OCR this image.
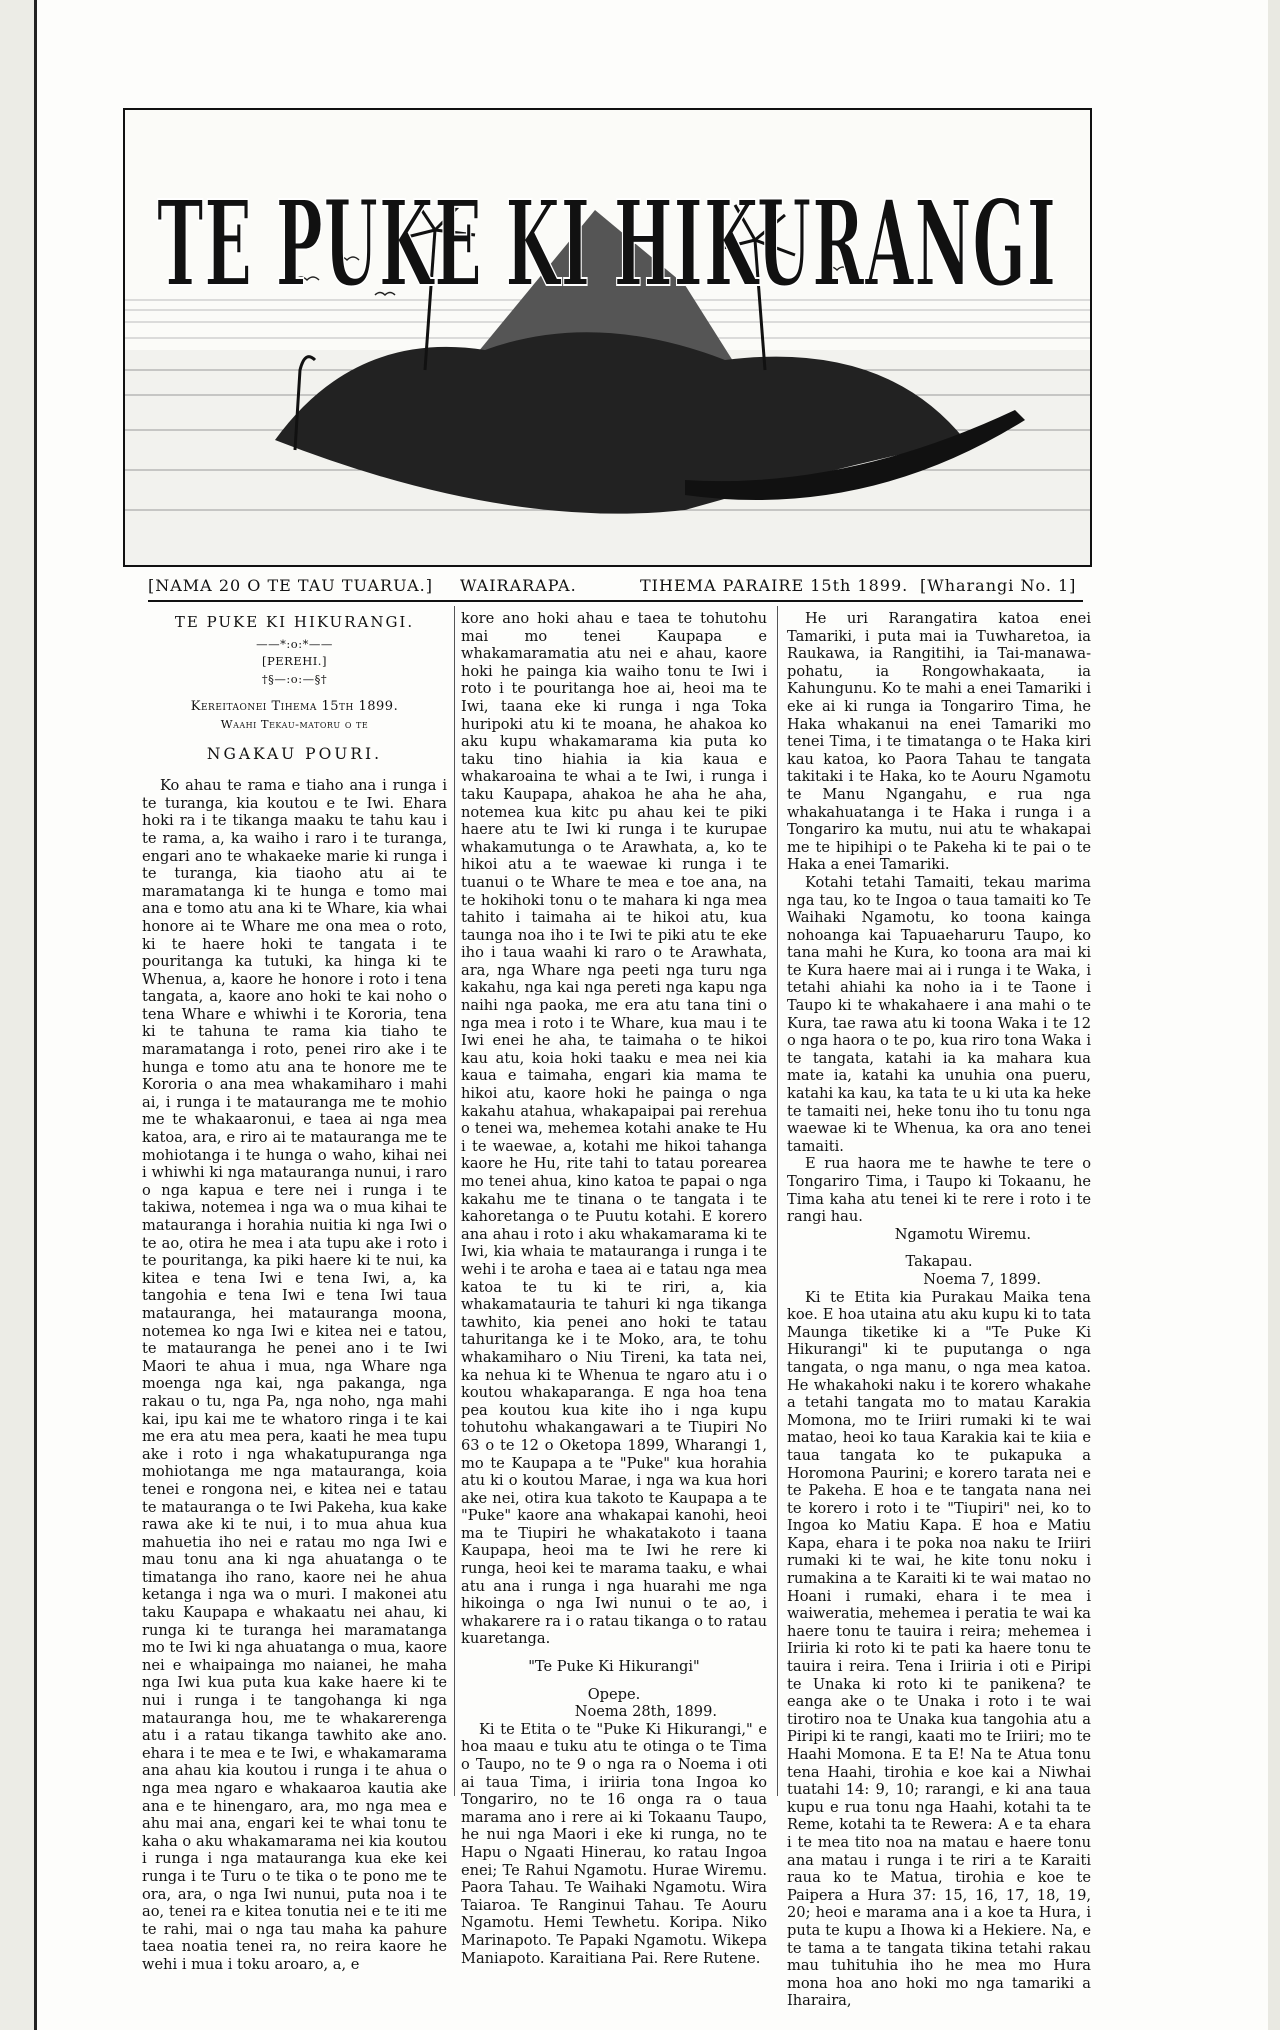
TE PUKE KI HIKURANGI
[NAMA 20 O TE TAU TUARUA.] WAIRARAPA.	TIHEMA PARAIRE 15th 1899. [Wharangi No. 1]
TE PUKE KI HIKURANGI.
——*:o:*——
[PEREHI.]
†§—:o:—§†
Kereitaonei Tihema 15th 1899.
Waahi Tekau-matoru o te
NGAKAU POURI.

Ko ahau te rama e tiaho ana i runga i te turanga, kia koutou e te Iwi. Ehara hoki ra i te tikanga maaku te tahu kau i te rama, a, ka waiho i raro i te turanga, engari ano te whakaeke marie ki runga i te turanga, kia tiaoho atu ai te maramatanga ki te hunga e tomo mai ana e tomo atu ana ki te Whare, kia whai honore ai te Whare me ona mea o roto, ki te haere hoki te tangata i te pouritanga ka tutuki, ka hinga ki te Whenua, a, kaore he honore i roto i tena tangata, a, kaore ano hoki te kai noho o tena Whare e whiwhi i te Kororia, tena ki te tahuna te rama kia tiaho te maramatanga i roto, penei riro ake i te hunga e tomo atu ana te honore me te Kororia o ana mea whakamiharo i mahi ai, i runga i te matauranga me te mohio me te whakaaronui, e taea ai nga mea katoa, ara, e riro ai te matauranga me te mohiotanga i te hunga o waho, kihai nei i whiwhi ki nga matauranga nunui, i raro o nga kapua e tere nei i runga i te takiwa, notemea i nga wa o mua kihai te matauranga i horahia nuitia ki nga Iwi o te ao, otira he mea i ata tupu ake i roto i te pouritanga, ka piki haere ki te nui, ka kitea e tena Iwi e tena Iwi, a, ka tangohia e tena Iwi e tena Iwi taua matauranga, hei matauranga moona, notemea ko nga Iwi e kitea nei e tatou, te matauranga he penei ano i te Iwi Maori te ahua i mua, nga Whare nga moenga nga kai, nga pakanga, nga rakau o tu, nga Pa, nga noho, nga mahi kai, ipu kai me te whatoro ringa i te kai me era atu mea pera, kaati he mea tupu ake i roto i nga whakatupuranga nga mohiotanga me nga matauranga, koia tenei e rongona nei, e kitea nei e tatau te matauranga o te Iwi Pakeha, kua kake rawa ake ki te nui, i to mua ahua kua mahuetia iho nei e ratau mo nga Iwi e mau tonu ana ki nga ahuatanga o te timatanga iho rano, kaore nei he ahua ketanga i nga wa o muri. I makonei atu taku Kaupapa e whakaatu nei ahau, ki runga ki te turanga hei maramatanga mo te Iwi ki nga ahuatanga o mua, kaore nei e whaipainga mo naianei, he maha nga Iwi kua puta kua kake haere ki te nui i runga i te tangohanga ki nga matauranga hou, me te whakarerenga atu i a ratau tikanga tawhito ake ano. ehara i te mea e te Iwi, e whakamarama ana ahau kia koutou i runga i te ahua o nga mea ngaro e whakaaroa kautia ake ana e te hinengaro, ara, mo nga mea e ahu mai ana, engari kei te whai tonu te kaha o aku whakamarama nei kia koutou i runga i nga matauranga kua eke kei runga i te Turu o te tika o te pono me te ora, ara, o nga Iwi nunui, puta noa i te ao, tenei ra e kitea tonutia nei e te iti me te rahi, mai o nga tau maha ka pahure taea noatia tenei ra, no reira kaore he wehi i mua i toku aroaro, a, e

kore ano hoki ahau e taea te tohutohu mai mo tenei Kaupapa e whakamaramatia atu nei e ahau, kaore hoki he painga kia waiho tonu te Iwi i roto i te pouritanga hoe ai, heoi ma te Iwi, taana eke ki runga i nga Toka huripoki atu ki te moana, he ahakoa ko aku kupu whakamarama kia puta ko taku tino hiahia ia kia kaua e whakaroaina te whai a te Iwi, i runga i taku Kaupapa, ahakoa he aha he aha, notemea kua kitc pu ahau kei te piki haere atu te Iwi ki runga i te kurupae whakamutunga o te Arawhata, a, ko te hikoi atu a te waewae ki runga i te tuanui o te Whare te mea e toe ana, na te hokihoki tonu o te mahara ki nga mea tahito i taimaha ai te hikoi atu, kua taunga noa iho i te Iwi te piki atu te eke iho i taua waahi ki raro o te Arawhata, ara, nga Whare nga peeti nga turu nga kakahu, nga kai nga pereti nga kapu nga naihi nga paoka, me era atu tana tini o nga mea i roto i te Whare, kua mau i te Iwi enei he aha, te taimaha o te hikoi kau atu, koia hoki taaku e mea nei kia kaua e taimaha, engari kia mama te hikoi atu, kaore hoki he painga o nga kakahu atahua, whakapaipai pai rerehua o tenei wa, mehemea kotahi anake te Hu i te waewae, a, kotahi me hikoi tahanga kaore he Hu, rite tahi to tatau porearea mo tenei ahua, kino katoa te papai o nga kakahu me te tinana o te tangata i te kahoretanga o te Puutu kotahi. E korero ana ahau i roto i aku whakamarama ki te Iwi, kia whaia te matauranga i runga i te wehi i te aroha e taea ai e tatau nga mea katoa te tu ki te riri, a, kia whakamatauria te tahuri ki nga tikanga tawhito, kia penei ano hoki te tatau tahuritanga ke i te Moko, ara, te tohu whakamiharo o Niu Tireni, ka tata nei, ka nehua ki te Whenua te ngaro atu i o koutou whakaparanga. E nga hoa tena pea koutou kua kite iho i nga kupu tohutohu whakangawari a te Tiupiri No 63 o te 12 o Oketopa 1899, Wharangi 1, mo te Kaupapa a te "Puke" kua horahia atu ki o koutou Marae, i nga wa kua hori ake nei, otira kua takoto te Kaupapa a te "Puke" kaore ana whakapai kanohi, heoi ma te Tiupiri he whakatakoto i taana Kaupapa, heoi ma te Iwi he rere ki runga, heoi kei te marama taaku, e whai atu ana i runga i nga huarahi me nga hikoinga o nga Iwi nunui o te ao, i whakarere ra i o ratau tikanga o to ratau kuaretanga.

"Te Puke Ki Hikurangi"

Opepe.

Noema 28th, 1899.

Ki te Etita o te "Puke Ki Hikurangi," e hoa maau e tuku atu te otinga o te Tima o Taupo, no te 9 o nga ra o Noema i oti ai taua Tima, i iriiria tona Ingoa ko Tongariro, no te 16 onga ra o taua marama ano i rere ai ki Tokaanu Taupo, he nui nga Maori i eke ki runga, no te Hapu o Ngaati Hinerau, ko ratau Ingoa enei; Te Rahui Ngamotu. Hurae Wiremu. Paora Tahau. Te Waihaki Ngamotu. Wira Taiaroa. Te Ranginui Tahau. Te Aouru Ngamotu. Hemi Tewhetu. Koripa. Niko Marinapoto. Te Papaki Ngamotu. Wikepa Maniapoto. Karaitiana Pai. Rere Rutene.

He uri Rarangatira katoa enei Tamariki, i puta mai ia Tuwharetoa, ia Raukawa, ia Rangitihi, ia Tai-manawa-pohatu, ia Rongowhakaata, ia Kahungunu. Ko te mahi a enei Tamariki i eke ai ki runga ia Tongariro Tima, he Haka whakanui na enei Tamariki mo tenei Tima, i te timatanga o te Haka kiri kau katoa, ko Paora Tahau te tangata takitaki i te Haka, ko te Aouru Ngamotu te Manu Ngangahu, e rua nga whakahuatanga i te Haka i runga i a Tongariro ka mutu, nui atu te whakapai me te hipihipi o te Pakeha ki te pai o te Haka a enei Tamariki.

Kotahi tetahi Tamaiti, tekau marima nga tau, ko te Ingoa o taua tamaiti ko Te Waihaki Ngamotu, ko toona kainga nohoanga kai Tapuaeharuru Taupo, ko tana mahi he Kura, ko toona ara mai ki te Kura haere mai ai i runga i te Waka, i tetahi ahiahi ka noho ia i te Taone i Taupo ki te whakahaere i ana mahi o te Kura, tae rawa atu ki toona Waka i te 12 o nga haora o te po, kua riro tona Waka i te tangata, katahi ia ka mahara kua mate ia, katahi ka unuhia ona pueru, katahi ka kau, ka tata te u ki uta ka heke te tamaiti nei, heke tonu iho tu tonu nga waewae ki te Whenua, ka ora ano tenei tamaiti.

E rua haora me te hawhe te tere o Tongariro Tima, i Taupo ki Tokaanu, he Tima kaha atu tenei ki te rere i roto i te rangi hau.

Ngamotu Wiremu.

Takapau.

Noema 7, 1899.

Ki te Etita kia Purakau Maika tena koe. E hoa utaina atu aku kupu ki to tata Maunga tiketike ki a "Te Puke Ki Hikurangi" ki te puputanga o nga tangata, o nga manu, o nga mea katoa. He whakahoki naku i te korero whakahe a tetahi tangata mo to matau Karakia Momona, mo te Iriiri rumaki ki te wai matao, heoi ko taua Karakia kai te kiia e taua tangata ko te pukapuka a Horomona Paurini; e korero tarata nei e te Pakeha. E hoa e te tangata nana nei te korero i roto i te "Tiupiri" nei, ko to Ingoa ko Matiu Kapa. E hoa e Matiu Kapa, ehara i te poka noa naku te Iriiri rumaki ki te wai, he kite tonu noku i rumakina a te Karaiti ki te wai matao no Hoani i rumaki, ehara i te mea i waiweratia, mehemea i peratia te wai ka haere tonu te tauira i reira; mehemea i Iriiria ki roto ki te pati ka haere tonu te tauira i reira. Tena i Iriiria i oti e Piripi te Unaka ki roto ki te panikena? te eanga ake o te Unaka i roto i te wai tirotiro noa te Unaka kua tangohia atu a Piripi ki te rangi, kaati mo te Iriiri; mo te Haahi Momona. E ta E! Na te Atua tonu tena Haahi, tirohia e koe kai a Niwhai tuatahi 14: 9, 10; rarangi, e ki ana taua kupu e rua tonu nga Haahi, kotahi ta te Reme, kotahi ta te Rewera: A e ta ehara i te mea tito noa na matau e haere tonu ana matau i runga i te riri a te Karaiti raua ko te Matua, tirohia e koe te Paipera a Hura 37: 15, 16, 17, 18, 19, 20; heoi e marama ana i a koe ta Hura, i puta te kupu a Ihowa ki a Hekiere. Na, e te tama a te tangata tikina tetahi rakau mau tuhituhia iho he mea mo Hura mona hoa ano hoki mo nga tamariki a Iharaira,
